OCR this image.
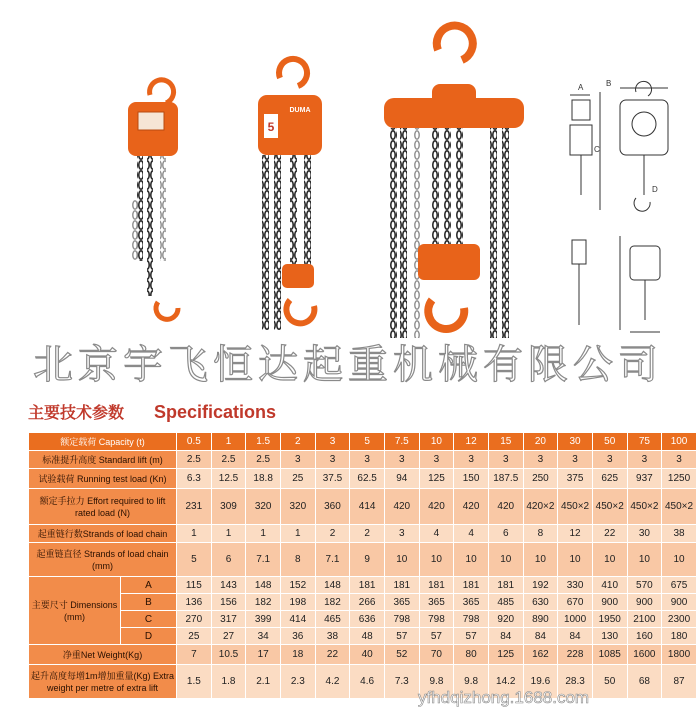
5
DUMA
A	B
C
D
北京宇飞恒达起重机械有限公司
主要技术参数 Specifications
额定载荷 Capacity (t)		0.5	1	1.5	2	3	5	7.5	10	12	15	20	30	50	75	100
标准提升高度 Standard lift (m)		2.5	2.5	2.5	3	3	3	3	3	3	3	3	3	3	3	3
试验载荷 Running test load (Kn)		6.3	12.5	18.8	25	37.5	62.5	94	125	150	187.5	250	375	625	937	1250
额定手拉力 Effort required to lift rated load (N)		231	309	320	320	360	414	420	420	420	420	420×2	450×2	450×2	450×2	450×2
起重链行数Strands of load chain		1	1	1	1	2	2	3	4	4	6	8	12	22	30	38
起重链直径 Strands of load chain (mm)		5	6	7.1	8	7.1	9	10	10	10	10	10	10	10	10	10
主要尺寸 Dimensions (mm)	A	115	143	148	152	148	181	181	181	181	181	192	330	410	570	675
	B	136	156	182	198	182	266	365	365	365	485	630	670	900	900	900
	C	270	317	399	414	465	636	798	798	798	920	890	1000	1950	2100	2300
	D	25	27	34	36	38	48	57	57	57	84	84	84	130	160	180
净重Net Weight(Kg)		7	10.5	17	18	22	40	52	70	80	125	162	228	1085	1600	1800
起升高度每增1m增加重量(Kg) Extra weight per metre of extra lift		1.5	1.8	2.1	2.3	4.2	4.6	7.3	9.8	9.8	14.2	19.6	28.3	50	68	87
yfhdqizhong.1688.com
